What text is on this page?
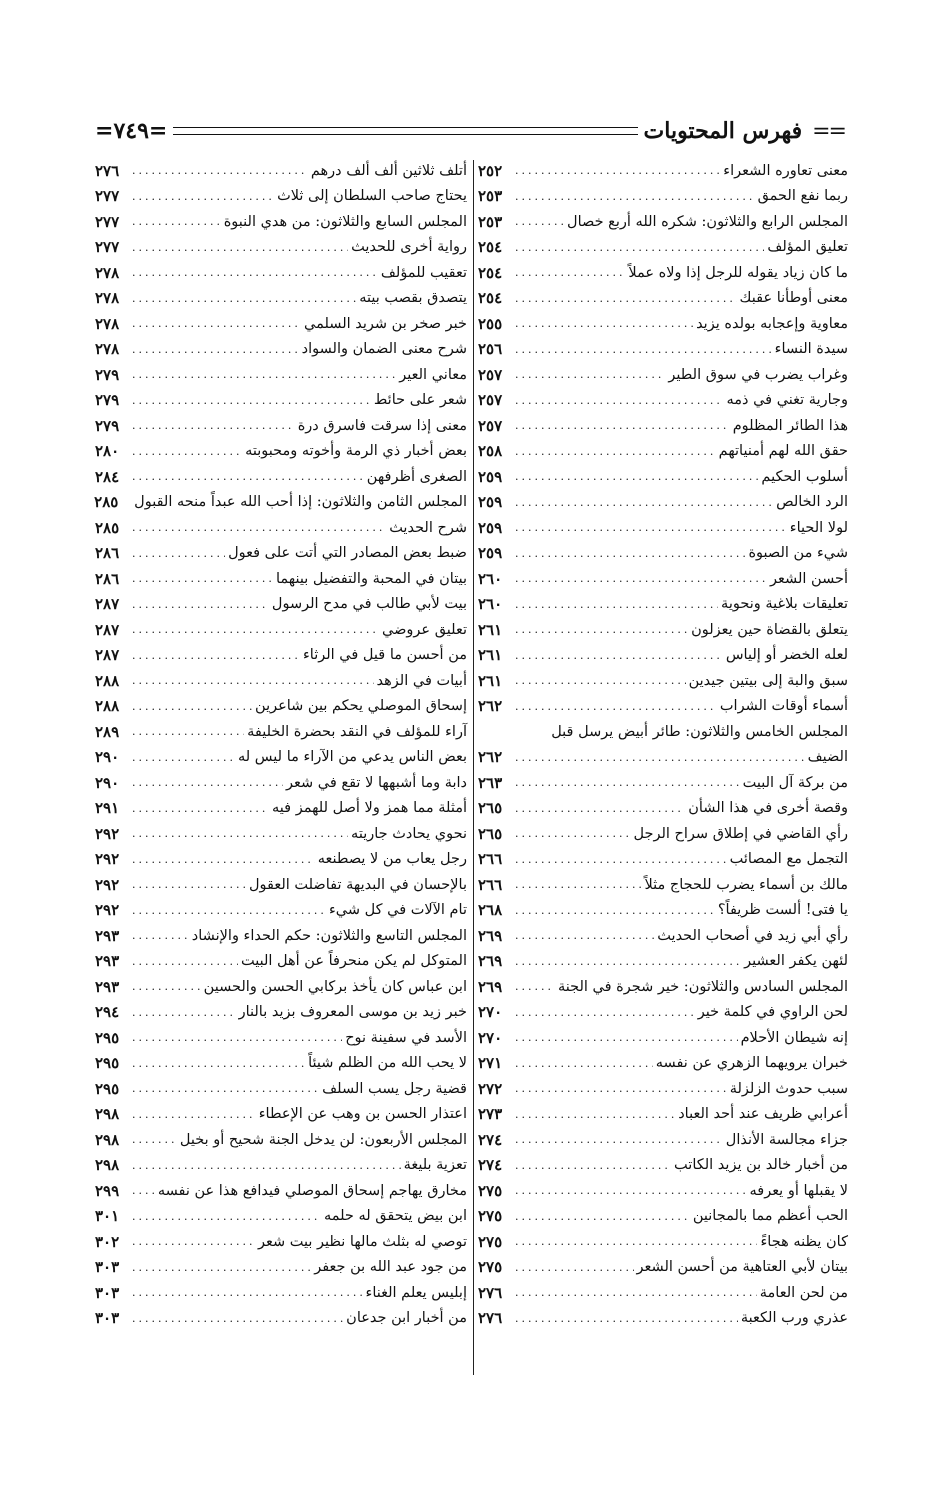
==
فهرس المحتويات
=٧٤٩=
معنى تعاوره الشعراء
.....
٢٥٢
ربما نفع الحمق
.....
٢٥٣
المجلس الرابع والثلاثون: شكره الله أربع خصال
.....
٢٥٣
تعليق المؤلف
.....
٢٥٤
ما كان زياد يقوله للرجل إذا ولاه عملاً
.....
٢٥٤
معنى أوطأنا عقبك
.....
٢٥٤
معاوية وإعجابه بولده يزيد
.....
٢٥٥
سيدة النساء
.....
٢٥٦
وغراب يضرب في سوق الطير
.....
٢٥٧
وجارية تغني في ذمه
.....
٢٥٧
هذا الطائر المظلوم
.....
٢٥٧
حقق الله لهم أمنياتهم
.....
٢٥٨
أسلوب الحكيم
.....
٢٥٩
الرد الخالص
.....
٢٥٩
لولا الحياء
.....
٢٥٩
شيء من الصبوة
.....
٢٥٩
أحسن الشعر
.....
٢٦٠
تعليقات بلاغية ونحوية
.....
٢٦٠
يتعلق بالقضاة حين يعزلون
.....
٢٦١
لعله الخضر أو إلياس
.....
٢٦١
سبق والبة إلى بيتين جيدين
.....
٢٦١
أسماء أوقات الشراب
.....
٢٦٢
المجلس الخامس والثلاثون: طائر أبيض يرسل قبل
الضيف
.....
٢٦٢
من بركة آل البيت
.....
٢٦٣
وقصة أخرى في هذا الشأن
.....
٢٦٥
رأي القاضي في إطلاق سراح الرجل
.....
٢٦٥
التجمل مع المصائب
.....
٢٦٦
مالك بن أسماء يضرب للحجاج مثلاً
.....
٢٦٦
يا فتى! ألست ظريفاً؟
.....
٢٦٨
رأي أبي زيد في أصحاب الحديث
.....
٢٦٩
لئهن يكفر العشير
.....
٢٦٩
المجلس السادس والثلاثون: خير شجرة في الجنة
.....
٢٦٩
لحن الراوي في كلمة خير
.....
٢٧٠
إنه شيطان الأحلام
.....
٢٧٠
خبران يرويهما الزهري عن نفسه
.....
٢٧١
سبب حدوث الزلزلة
.....
٢٧٢
أعرابي ظريف عند أحد العباد
.....
٢٧٣
جزاء مجالسة الأنذال
.....
٢٧٤
من أخبار خالد بن يزيد الكاتب
.....
٢٧٤
لا يقبلها أو يعرفه
.....
٢٧٥
الحب أعظم مما بالمجانين
.....
٢٧٥
كان يظنه هجاءً
.....
٢٧٥
بيتان لأبي العتاهية من أحسن الشعر
.....
٢٧٥
من لحن العامة
.....
٢٧٦
عذري ورب الكعبة
.....
٢٧٦
أتلف ثلاثين ألف ألف درهم
.....
٢٧٦
يحتاج صاحب السلطان إلى ثلاث
.....
٢٧٧
المجلس السابع والثلاثون: من هدي النبوة
.....
٢٧٧
رواية أخرى للحديث
.....
٢٧٧
تعقيب للمؤلف
.....
٢٧٨
يتصدق بقصب بيته
.....
٢٧٨
خبر صخر بن شريد السلمي
.....
٢٧٨
شرح معنى الضمان والسواد
.....
٢٧٨
معاني العير
.....
٢٧٩
شعر على حائط
.....
٢٧٩
معنى إذا سرقت فاسرق درة
.....
٢٧٩
بعض أخبار ذي الرمة وأخوته ومحبوبته
.....
٢٨٠
الصغرى أظرفهن
.....
٢٨٤
المجلس الثامن والثلاثون: إذا أحب الله عبداً منحه القبول
٢٨٥
شرح الحديث
.....
٢٨٥
ضبط بعض المصادر التي أتت على فعول
.....
٢٨٦
بيتان في المحبة والتفضيل بينهما
.....
٢٨٦
بيت لأبي طالب في مدح الرسول
.....
٢٨٧
تعليق عروضي
.....
٢٨٧
من أحسن ما قيل في الرثاء
.....
٢٨٧
أبيات في الزهد
.....
٢٨٨
إسحاق الموصلي يحكم بين شاعرين
.....
٢٨٨
آراء للمؤلف في النقد بحضرة الخليفة
.....
٢٨٩
بعض الناس يدعي من الآراء ما ليس له
.....
٢٩٠
دابة وما أشبهها لا تقع في شعر
.....
٢٩٠
أمثلة مما همز ولا أصل للهمز فيه
.....
٢٩١
نحوي يحادث جاريته
.....
٢٩٢
رجل يعاب من لا يصطنعه
.....
٢٩٢
بالإحسان في البديهة تفاضلت العقول
.....
٢٩٢
تام الآلات في كل شيء
.....
٢٩٢
المجلس التاسع والثلاثون: حكم الحداء والإنشاد
.....
٢٩٣
المتوكل لم يكن منحرفاً عن أهل البيت
.....
٢٩٣
ابن عباس كان يأخذ بركابي الحسن والحسين
.....
٢٩٣
خبر زيد بن موسى المعروف بزيد بالنار
.....
٢٩٤
الأسد في سفينة نوح
.....
٢٩٥
لا يحب الله من الظلم شيئاً
.....
٢٩٥
قضية رجل يسب السلف
.....
٢٩٥
اعتذار الحسن بن وهب عن الإعطاء
.....
٢٩٨
المجلس الأربعون: لن يدخل الجنة شحيح أو بخيل
.....
٢٩٨
تعزية بليغة
.....
٢٩٨
مخارق يهاجم إسحاق الموصلي فيدافع هذا عن نفسه
.....
٢٩٩
ابن بيض يتحقق له حلمه
.....
٣٠١
توصي له بثلث مالها نظير بيت شعر
.....
٣٠٢
من جود عبد الله بن جعفر
.....
٣٠٣
إبليس يعلم الغناء
.....
٣٠٣
من أخبار ابن جدعان
.....
٣٠٣
